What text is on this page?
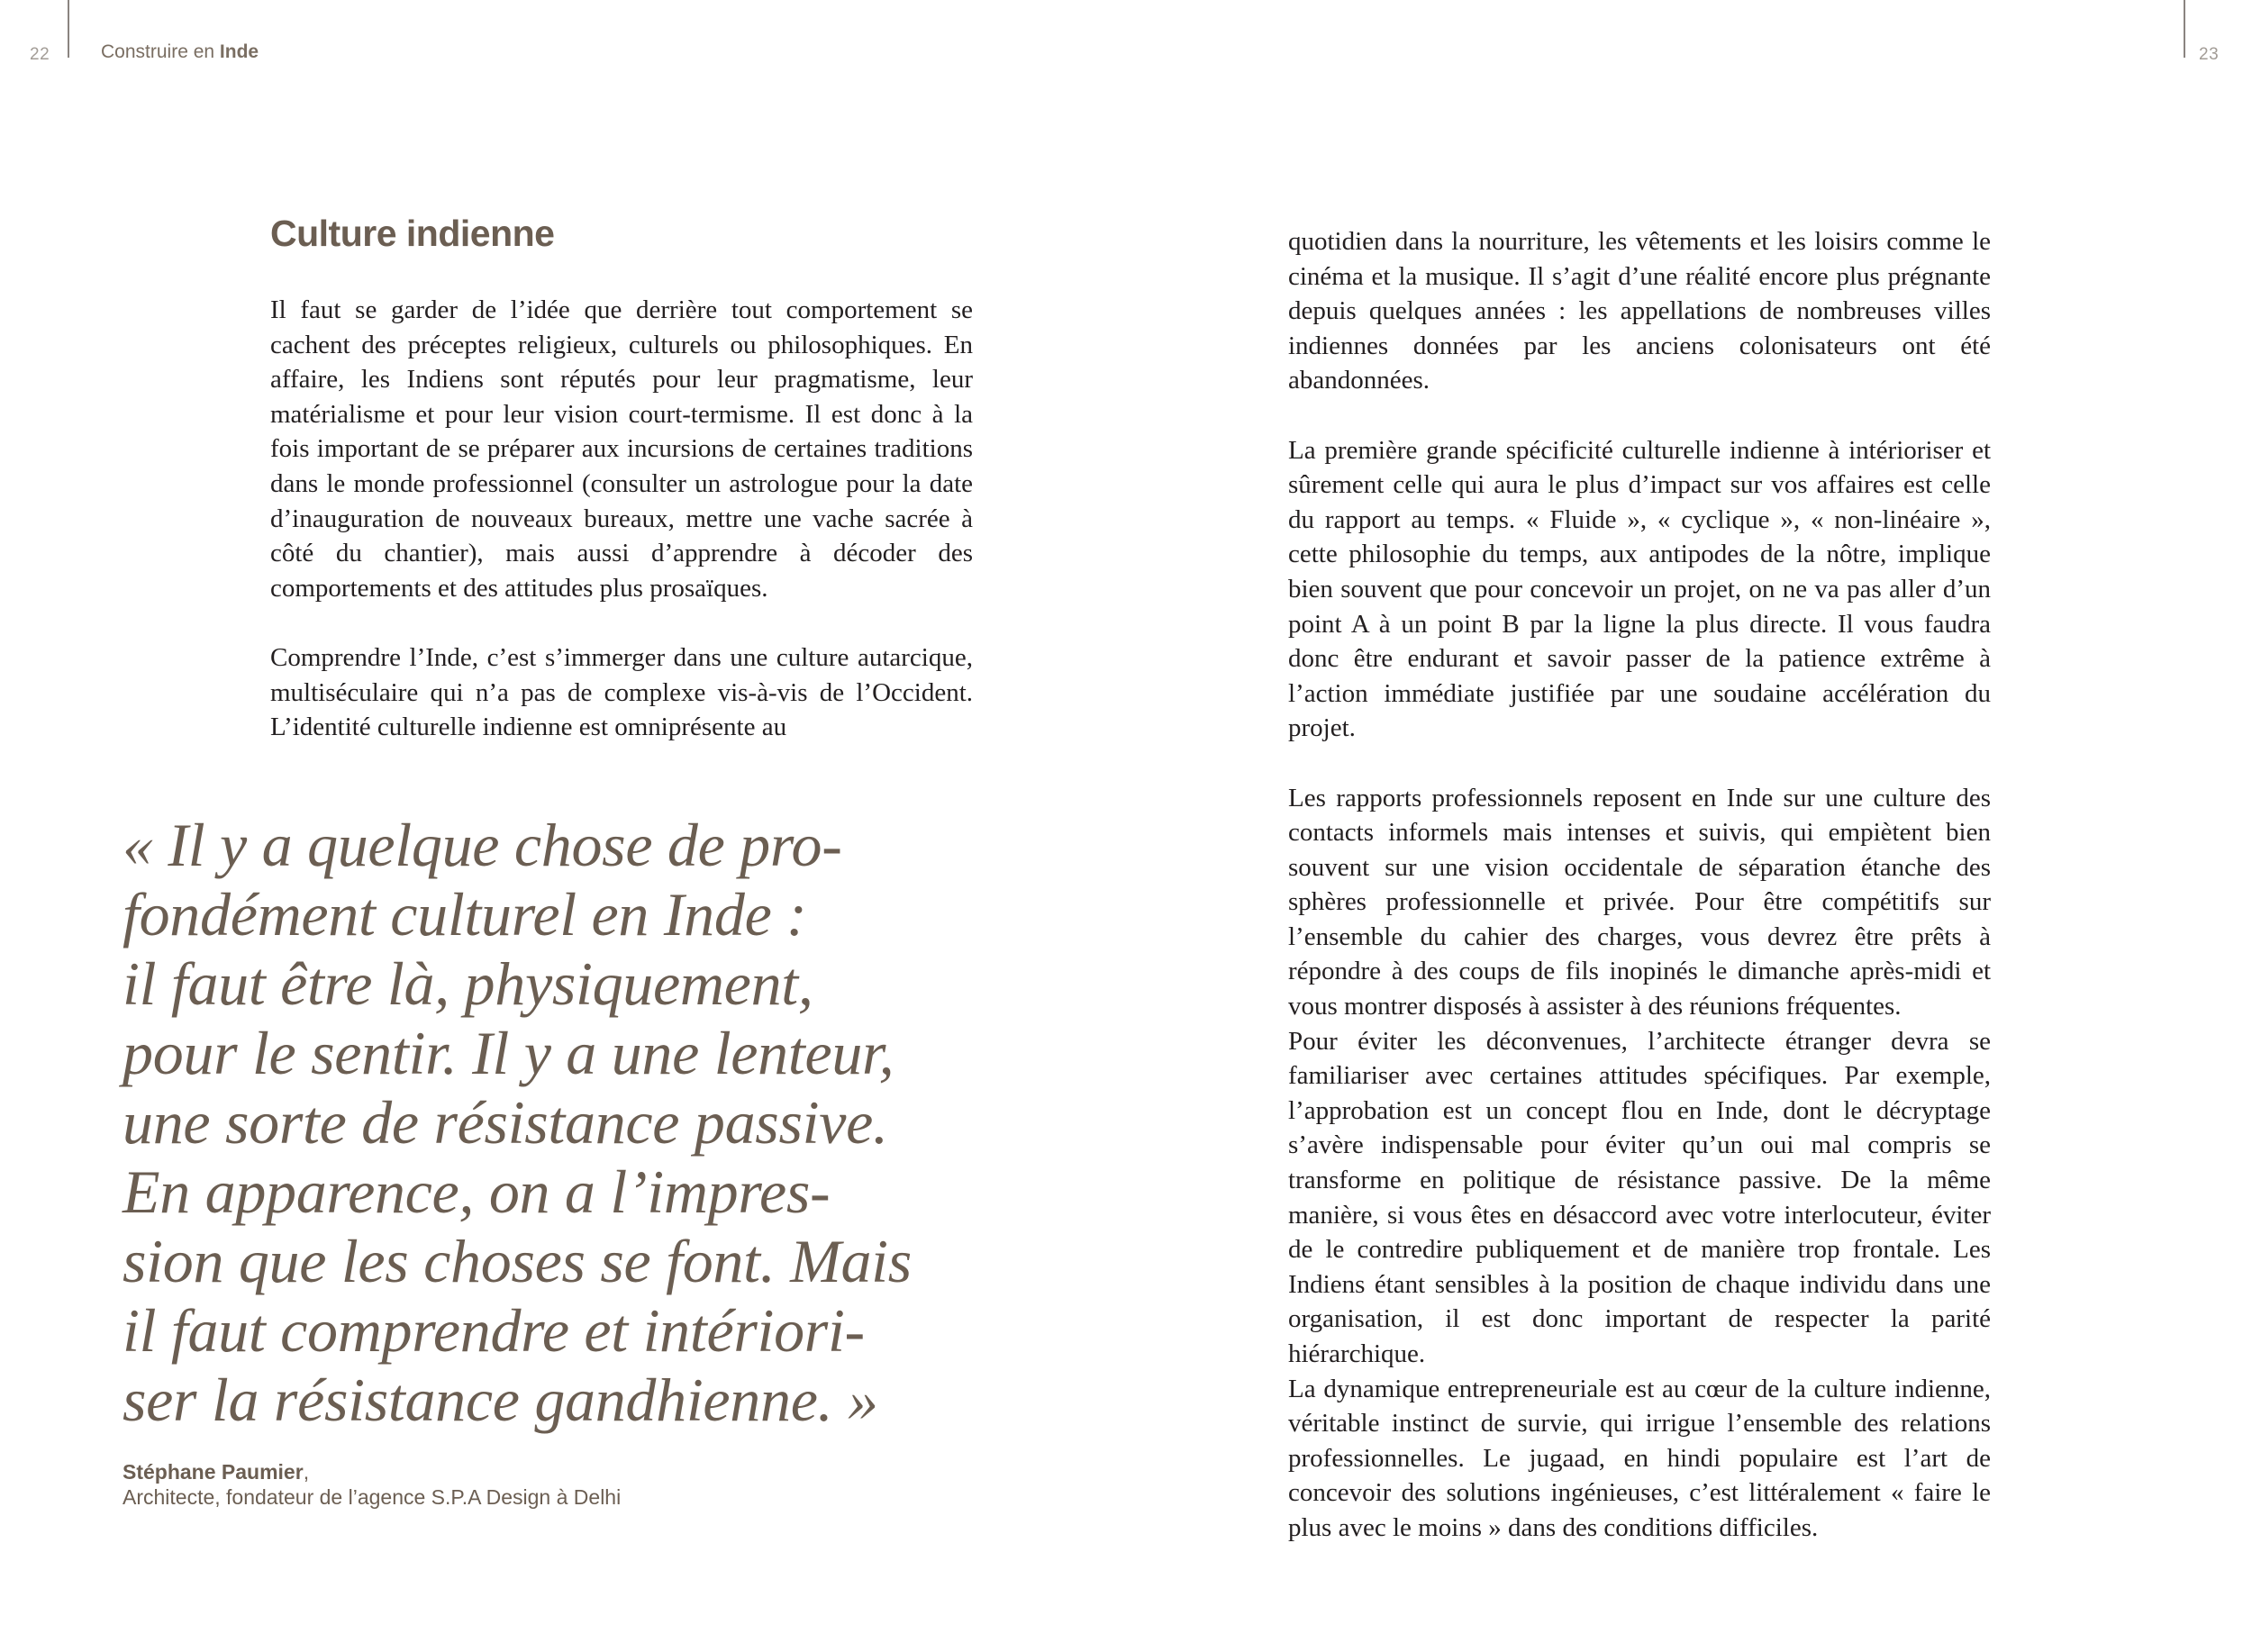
22	23
Construire en Inde
Culture indienne

Il faut se garder de l’idée que derrière tout comportement se cachent des préceptes religieux, culturels ou philosophiques. En affaire, les Indiens sont réputés pour leur pragmatisme, leur matérialisme et pour leur vision court-termisme. Il est donc à la fois important de se préparer aux incursions de certaines traditions dans le monde professionnel (consulter un astrologue pour la date d’inauguration de nouveaux bureaux, mettre une vache sacrée à côté du chantier), mais aussi d’apprendre à décoder des comportements et des attitudes plus prosaïques.

Comprendre l’Inde, c’est s’immerger dans une culture autarcique, multiséculaire qui n’a pas de complexe vis-à-vis de l’Occident. L’identité culturelle indienne est omniprésente au

« Il y a quelque chose de pro-
fondément culturel en Inde :
il faut être là, physiquement,
pour le sentir. Il y a une lenteur,
une sorte de résistance passive.
En apparence, on a l’impres-
sion que les choses se font. Mais
il faut comprendre et intériori-
ser la résistance gandhienne. »
Stéphane Paumier,
Architecte, fondateur de l’agence S.P.A Design à Delhi

quotidien dans la nourriture, les vêtements et les loisirs comme le cinéma et la musique. Il s’agit d’une réalité encore plus prégnante depuis quelques années : les appellations de nombreuses villes indiennes données par les anciens colonisateurs ont été abandonnées.

La première grande spécificité culturelle indienne à intérioriser et sûrement celle qui aura le plus d’impact sur vos affaires est celle du rapport au temps. « Fluide », « cyclique », « non-linéaire », cette philosophie du temps, aux antipodes de la nôtre, implique bien souvent que pour concevoir un projet, on ne va pas aller d’un point A à un point B par la ligne la plus directe. Il vous faudra donc être endurant et savoir passer de la patience extrême à l’action immédiate justifiée par une soudaine accélération du projet.

Les rapports professionnels reposent en Inde sur une culture des contacts informels mais intenses et suivis, qui empiètent bien souvent sur une vision occidentale de séparation étanche des sphères professionnelle et privée. Pour être compétitifs sur l’ensemble du cahier des charges, vous devrez être prêts à répondre à des coups de fils inopinés le dimanche après-midi et vous montrer disposés à assister à des réunions fréquentes.

Pour éviter les déconvenues, l’architecte étranger devra se familiariser avec certaines attitudes spécifiques. Par exemple, l’approbation est un concept flou en Inde, dont le décryptage s’avère indispensable pour éviter qu’un oui mal compris se transforme en politique de résistance passive. De la même manière, si vous êtes en désaccord avec votre interlocuteur, éviter de le contredire publiquement et de manière trop frontale. Les Indiens étant sensibles à la position de chaque individu dans une organisation, il est donc important de respecter la parité hiérarchique.

La dynamique entrepreneuriale est au cœur de la culture indienne, véritable instinct de survie, qui irrigue l’ensemble des relations professionnelles. Le jugaad, en hindi populaire est l’art de concevoir des solutions ingénieuses, c’est littéralement « faire le plus avec le moins » dans des conditions difficiles.
